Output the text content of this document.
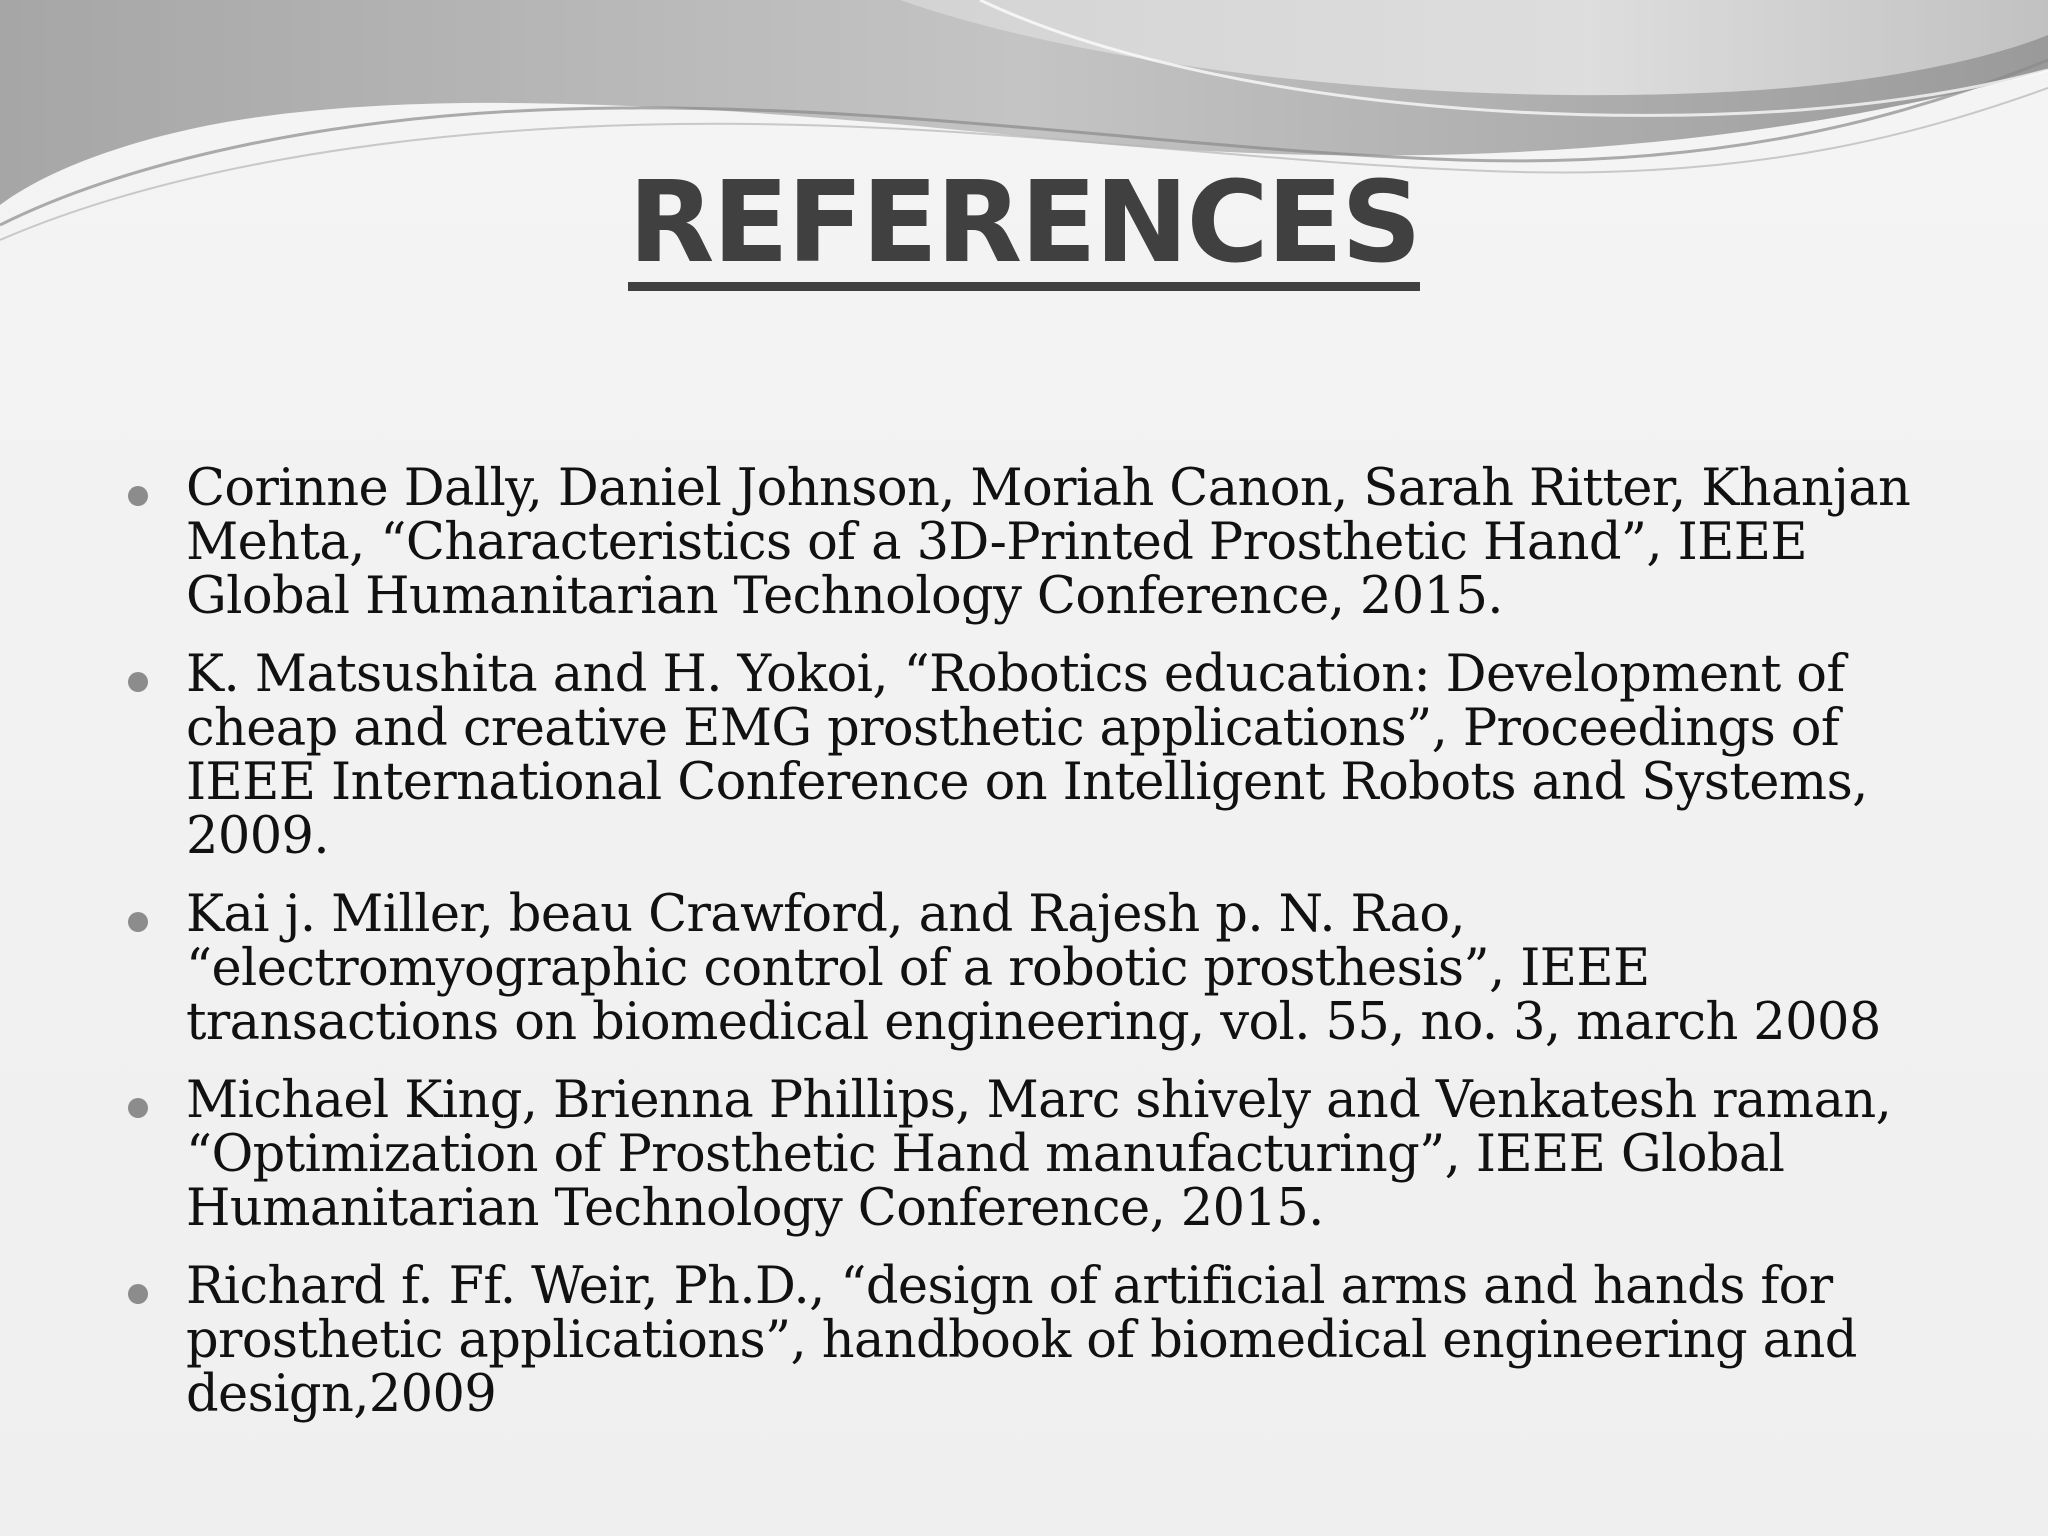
REFERENCES
Corinne Dally, Daniel Johnson, Moriah Canon, Sarah Ritter, Khanjan Mehta, “Characteristics of a 3D-Printed Prosthetic Hand”, IEEE Global Humanitarian Technology Conference, 2015.
K. Matsushita and H. Yokoi, “Robotics education: Development of cheap and creative EMG prosthetic applications”, Proceedings of IEEE International Conference on Intelligent Robots and Systems, 2009.
Kai j. Miller, beau Crawford, and Rajesh p. N. Rao, “electromyographic control of a robotic prosthesis”, IEEE transactions on biomedical engineering, vol. 55, no. 3, march 2008
Michael King, Brienna Phillips, Marc shively and Venkatesh raman, “Optimization of Prosthetic Hand manufacturing”, IEEE Global Humanitarian Technology Conference, 2015.
Richard f. Ff. Weir, Ph.D., “design of artificial arms and hands for prosthetic applications”, handbook of biomedical engineering and design,2009
